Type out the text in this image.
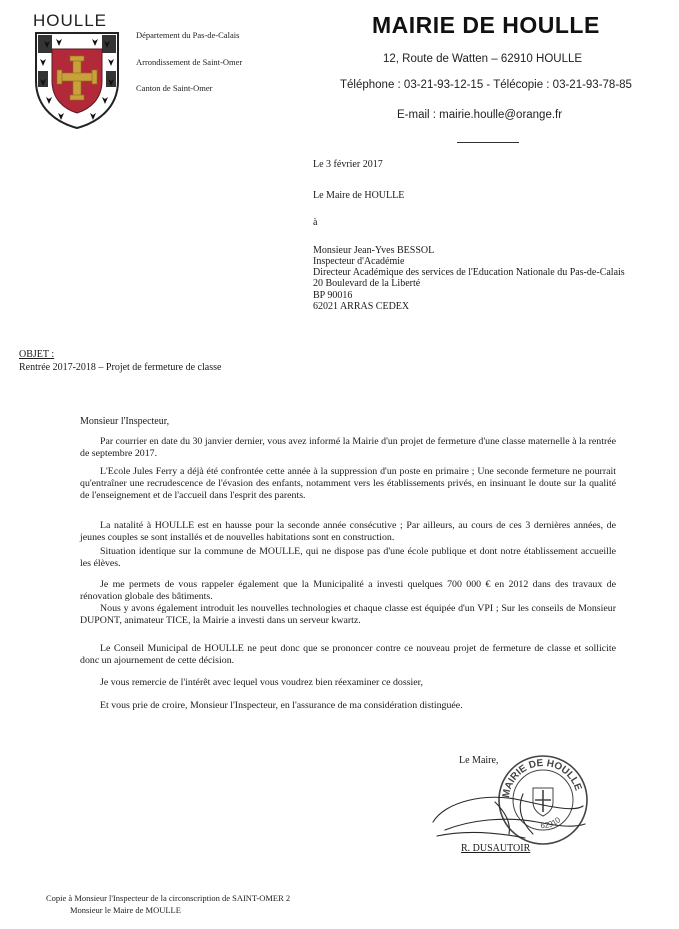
HOULLE
Département du Pas-de-Calais
Arrondissement de Saint-Omer
Canton de Saint-Omer
MAIRIE DE HOULLE
12, Route de Watten – 62910 HOULLE
Téléphone : 03-21-93-12-15 - Télécopie : 03-21-93-78-85
E-mail : mairie.houlle@orange.fr
Le 3 février 2017
Le Maire de HOULLE
à
Monsieur Jean-Yves BESSOL
Inspecteur d'Académie
Directeur Académique des services de l'Education Nationale du Pas-de-Calais
20 Boulevard de la Liberté
BP 90016
62021 ARRAS CEDEX
OBJET :
Rentrée 2017-2018 – Projet de fermeture de classe
Monsieur l'Inspecteur,
Par courrier en date du 30 janvier dernier, vous avez informé la Mairie d'un projet de fermeture d'une classe maternelle à la rentrée de septembre 2017.
L'Ecole Jules Ferry a déjà été confrontée cette année à la suppression d'un poste en primaire ; Une seconde fermeture ne pourrait qu'entraîner une recrudescence de l'évasion des enfants, notamment vers les établissements privés, en insinuant le doute sur la qualité de l'enseignement et de l'accueil dans l'esprit des parents.
La natalité à HOULLE est en hausse pour la seconde année consécutive ; Par ailleurs, au cours de ces 3 dernières années, de jeunes couples se sont installés et de nouvelles habitations sont en construction.
Situation identique sur la commune de MOULLE, qui ne dispose pas d'une école publique et dont notre établissement accueille les élèves.
Je me permets de vous rappeler également que la Municipalité a investi quelques 700 000 € en 2012 dans des travaux de rénovation globale des bâtiments.
Nous y avons également introduit les nouvelles technologies et chaque classe est équipée d'un VPI ; Sur les conseils de Monsieur DUPONT, animateur TICE, la Mairie a investi dans un serveur kwartz.
Le Conseil Municipal de HOULLE ne peut donc que se prononcer contre ce nouveau projet de fermeture de classe et sollicite donc un ajournement de cette décision.
Je vous remercie de l'intérêt avec lequel vous voudrez bien réexaminer ce dossier,
Et vous prie de croire, Monsieur l'Inspecteur, en l'assurance de ma considération distinguée.
Le Maire,
MAIRIE DE HOULLE
62910
R. DUSAUTOIR
Copie à Monsieur l'Inspecteur de la circonscription de SAINT-OMER 2
Monsieur le Maire de MOULLE
